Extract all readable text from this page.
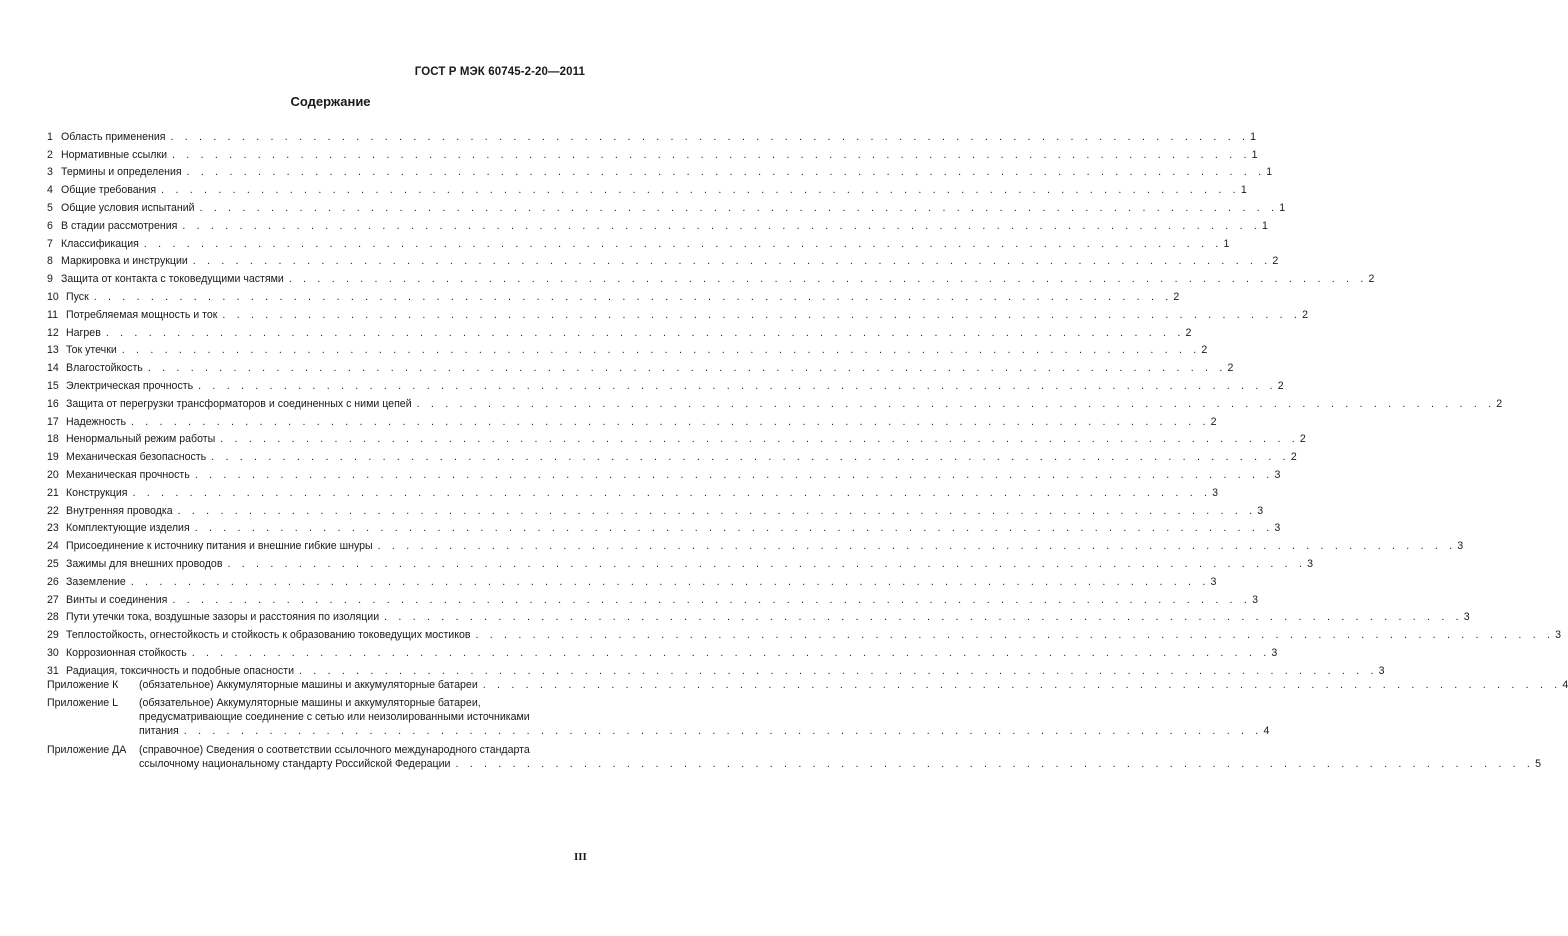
ГОСТ Р МЭК 60745-2-20—2011
Содержание
1 Область применения . . . . . . . . . . . . . . . . . . . . . . . . . . . . . . . . . . . . . . . . . . . . . . . . . . . . . . . . . . . . . . . . . . . . . . . . . . . . 1
2 Нормативные ссылки . . . . . . . . . . . . . . . . . . . . . . . . . . . . . . . . . . . . . . . . . . . . . . . . . . . . . . . . . . . . . . . . . . . . . . . . . . . . 1
3 Термины и определения . . . . . . . . . . . . . . . . . . . . . . . . . . . . . . . . . . . . . . . . . . . . . . . . . . . . . . . . . . . . . . . . . . . . . . . . . . . . 1
4 Общие требования . . . . . . . . . . . . . . . . . . . . . . . . . . . . . . . . . . . . . . . . . . . . . . . . . . . . . . . . . . . . . . . . . . . . . . . . . . . . 1
5 Общие условия испытаний . . . . . . . . . . . . . . . . . . . . . . . . . . . . . . . . . . . . . . . . . . . . . . . . . . . . . . . . . . . . . . . . . . . . . . . . . . . . 1
6 В стадии рассмотрения . . . . . . . . . . . . . . . . . . . . . . . . . . . . . . . . . . . . . . . . . . . . . . . . . . . . . . . . . . . . . . . . . . . . . . . . . . . . 1
7 Классификация . . . . . . . . . . . . . . . . . . . . . . . . . . . . . . . . . . . . . . . . . . . . . . . . . . . . . . . . . . . . . . . . . . . . . . . . . . . . 1
8 Маркировка и инструкции . . . . . . . . . . . . . . . . . . . . . . . . . . . . . . . . . . . . . . . . . . . . . . . . . . . . . . . . . . . . . . . . . . . . . . . . . . . . 2
9 Защита от контакта с токоведущими частями . . . . . . . . . . . . . . . . . . . . . . . . . . . . . . . . . . . . . . . . . . . . . . . . . . . . . . . . . . . . . . . . . . . . . . . . . . . . 2
10 Пуск . . . . . . . . . . . . . . . . . . . . . . . . . . . . . . . . . . . . . . . . . . . . . . . . . . . . . . . . . . . . . . . . . . . . . . . . . . . . 2
11 Потребляемая мощность и ток . . . . . . . . . . . . . . . . . . . . . . . . . . . . . . . . . . . . . . . . . . . . . . . . . . . . . . . . . . . . . . . . . . . . . . . . . . . . 2
12 Нагрев . . . . . . . . . . . . . . . . . . . . . . . . . . . . . . . . . . . . . . . . . . . . . . . . . . . . . . . . . . . . . . . . . . . . . . . . . . . . 2
13 Ток утечки . . . . . . . . . . . . . . . . . . . . . . . . . . . . . . . . . . . . . . . . . . . . . . . . . . . . . . . . . . . . . . . . . . . . . . . . . . . . 2
14 Влагостойкость . . . . . . . . . . . . . . . . . . . . . . . . . . . . . . . . . . . . . . . . . . . . . . . . . . . . . . . . . . . . . . . . . . . . . . . . . . . . 2
15 Электрическая прочность . . . . . . . . . . . . . . . . . . . . . . . . . . . . . . . . . . . . . . . . . . . . . . . . . . . . . . . . . . . . . . . . . . . . . . . . . . . . 2
16 Защита от перегрузки трансформаторов и соединенных с ними цепей . . . . . . . . . . . . . . . . . . . . . . . . . . . . . . . . . . . . . . . . . . . . . . . . . . . . . . . . . . . . . . . . . . . . . . . . . . . . 2
17 Надежность . . . . . . . . . . . . . . . . . . . . . . . . . . . . . . . . . . . . . . . . . . . . . . . . . . . . . . . . . . . . . . . . . . . . . . . . . . . . 2
18 Ненормальный режим работы . . . . . . . . . . . . . . . . . . . . . . . . . . . . . . . . . . . . . . . . . . . . . . . . . . . . . . . . . . . . . . . . . . . . . . . . . . . . 2
19 Механическая безопасность . . . . . . . . . . . . . . . . . . . . . . . . . . . . . . . . . . . . . . . . . . . . . . . . . . . . . . . . . . . . . . . . . . . . . . . . . . . . 2
20 Механическая прочность . . . . . . . . . . . . . . . . . . . . . . . . . . . . . . . . . . . . . . . . . . . . . . . . . . . . . . . . . . . . . . . . . . . . . . . . . . . . 3
21 Конструкция . . . . . . . . . . . . . . . . . . . . . . . . . . . . . . . . . . . . . . . . . . . . . . . . . . . . . . . . . . . . . . . . . . . . . . . . . . . . 3
22 Внутренняя проводка . . . . . . . . . . . . . . . . . . . . . . . . . . . . . . . . . . . . . . . . . . . . . . . . . . . . . . . . . . . . . . . . . . . . . . . . . . . . 3
23 Комплектующие изделия . . . . . . . . . . . . . . . . . . . . . . . . . . . . . . . . . . . . . . . . . . . . . . . . . . . . . . . . . . . . . . . . . . . . . . . . . . . . 3
24 Присоединение к источнику питания и внешние гибкие шнуры . . . . . . . . . . . . . . . . . . . . . . . . . . . . . . . . . . . . . . . . . . . . . . . . . . . . . . . . . . . . . . . . . . . . . . . . . . . . 3
25 Зажимы для внешних проводов . . . . . . . . . . . . . . . . . . . . . . . . . . . . . . . . . . . . . . . . . . . . . . . . . . . . . . . . . . . . . . . . . . . . . . . . . . . . 3
26 Заземление . . . . . . . . . . . . . . . . . . . . . . . . . . . . . . . . . . . . . . . . . . . . . . . . . . . . . . . . . . . . . . . . . . . . . . . . . . . . 3
27 Винты и соединения . . . . . . . . . . . . . . . . . . . . . . . . . . . . . . . . . . . . . . . . . . . . . . . . . . . . . . . . . . . . . . . . . . . . . . . . . . . . 3
28 Пути утечки тока, воздушные зазоры и расстояния по изоляции . . . . . . . . . . . . . . . . . . . . . . . . . . . . . . . . . . . . . . . . . . . . . . . . . . . . . . . . . . . . . . . . . . . . . . . . . . . . 3
29 Теплостойкость, огнестойкость и стойкость к образованию токоведущих мостиков . . . . . . . . . . . . . . . . . . . . . . . . . . . . . . . . . . . . . . . . . . . . . . . . . . . . . . . . . . . . . . . . . . . . . . . . . . . . 3
30 Коррозионная стойкость . . . . . . . . . . . . . . . . . . . . . . . . . . . . . . . . . . . . . . . . . . . . . . . . . . . . . . . . . . . . . . . . . . . . . . . . . . . . 3
31 Радиация, токсичность и подобные опасности . . . . . . . . . . . . . . . . . . . . . . . . . . . . . . . . . . . . . . . . . . . . . . . . . . . . . . . . . . . . . . . . . . . . . . . . . . . . 3
Приложение К	(обязательное) Аккумуляторные машины и аккумуляторные батареи . . . . . . . . . . . . . . . . . . . . . . . . . . . . . . . . . . . . . . . . . . . . . . . . . . . . . . . . . . . . . . . . . . . . . . . . . . . . 4
Приложение L	(обязательное) Аккумуляторные машины и аккумуляторные батареи,
предусматривающие соединение с сетью или неизолированными источниками
питания . . . . . . . . . . . . . . . . . . . . . . . . . . . . . . . . . . . . . . . . . . . . . . . . . . . . . . . . . . . . . . . . . . . . . . . . . . . . 4
Приложение ДА	(справочное) Сведения о соответствии ссылочного международного стандарта
ссылочному национальному стандарту Российской Федерации . . . . . . . . . . . . . . . . . . . . . . . . . . . . . . . . . . . . . . . . . . . . . . . . . . . . . . . . . . . . . . . . . . . . . . . . . . . . 5
III
